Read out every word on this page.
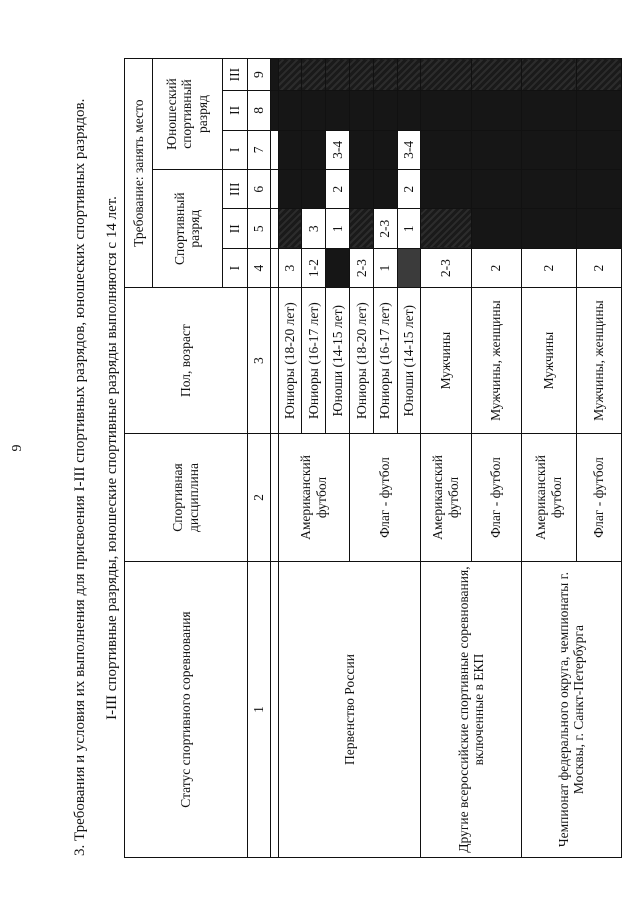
9	3. Требования и условия их выполнения для присвоения I-III спортивных разрядов, юношеских спортивных разрядов. I-III спортивные разряды, юношеские спортивные разряды выполняются с 14 лет.	Статус спортивного соревнования	Спортивная дисциплина	Пол, возраст	Требование: занять место					
			Спортивный разряд			Юношеский спортивный разряд		
			I	II	III	I	II	III
1	2	3	4	5	6	7	8	9

Первенство России	Американский футбол	Юниоры (18-20 лет)	3					
		Юниоры (16-17 лет)	1-2	3				
		Юноши (14-15 лет)		1	2	3-4		
	Флаг - футбол	Юниоры (18-20 лет)	2-3					
		Юниоры (16-17 лет)	1	2-3				
		Юноши (14-15 лет)		1	2	3-4		
Другие всероссийские спортивные соревнования, включенные в ЕКП	Американский футбол	Мужчины	2-3					
	Флаг - футбол	Мужчины, женщины	2					
Чемпионат федерального округа, чемпионаты г. Москвы, г. Санкт-Петербурга	Американский футбол	Мужчины	2					
	Флаг - футбол	Мужчины, женщины	2					
